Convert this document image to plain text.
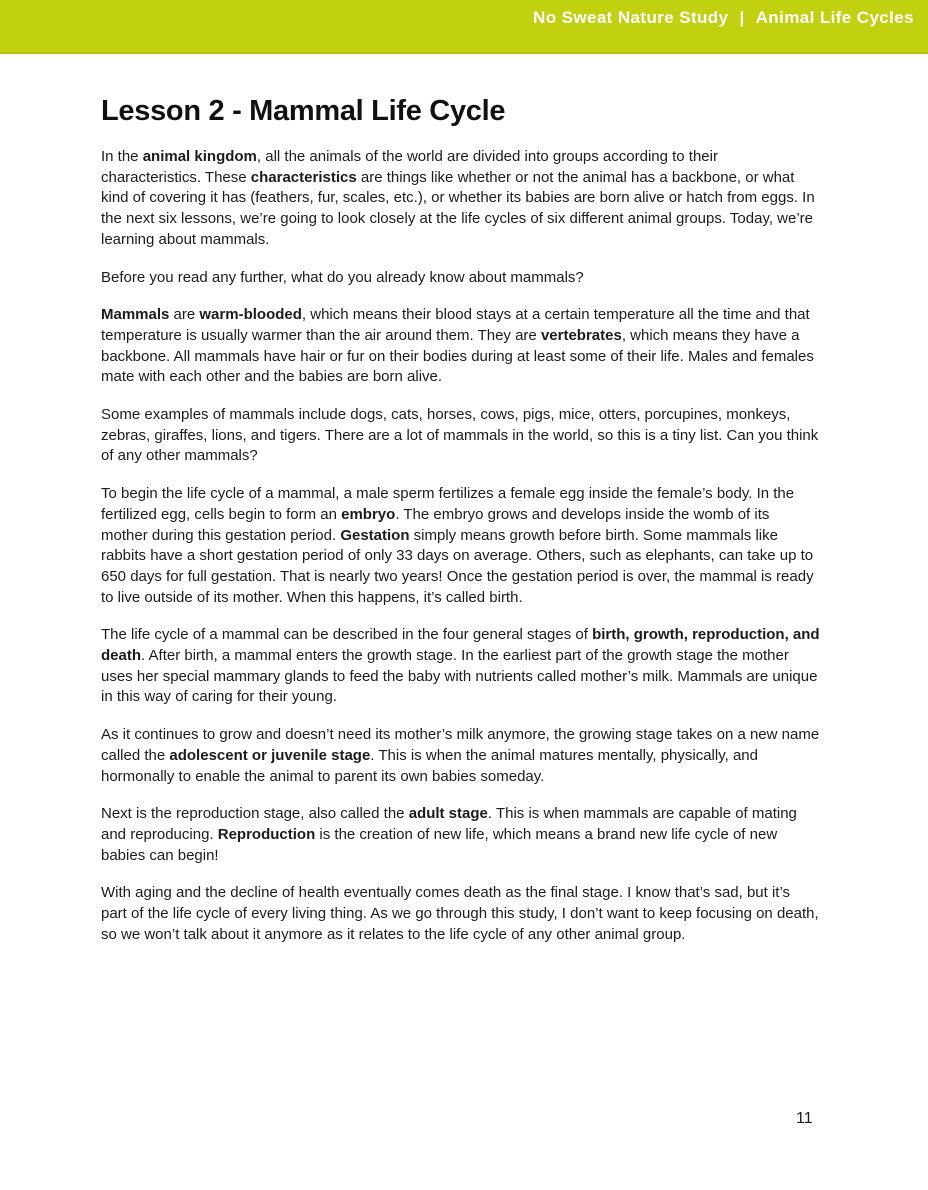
No Sweat Nature Study | Animal Life Cycles
Lesson 2 - Mammal Life Cycle

In the animal kingdom, all the animals of the world are divided into groups according to their characteristics. These characteristics are things like whether or not the animal has a backbone, or what kind of covering it has (feathers, fur, scales, etc.), or whether its babies are born alive or hatch from eggs. In the next six lessons, we’re going to look closely at the life cycles of six different animal groups. Today, we’re learning about mammals.

Before you read any further, what do you already know about mammals?

Mammals are warm-blooded, which means their blood stays at a certain temperature all the time and that temperature is usually warmer than the air around them. They are vertebrates, which means they have a backbone. All mammals have hair or fur on their bodies during at least some of their life. Males and females mate with each other and the babies are born alive.

Some examples of mammals include dogs, cats, horses, cows, pigs, mice, otters, porcupines, monkeys, zebras, giraffes, lions, and tigers. There are a lot of mammals in the world, so this is a tiny list. Can you think of any other mammals?

To begin the life cycle of a mammal, a male sperm fertilizes a female egg inside the female’s body. In the fertilized egg, cells begin to form an embryo. The embryo grows and develops inside the womb of its mother during this gestation period. Gestation simply means growth before birth. Some mammals like rabbits have a short gestation period of only 33 days on average. Others, such as elephants, can take up to 650 days for full gestation. That is nearly two years! Once the gestation period is over, the mammal is ready to live outside of its mother. When this happens, it’s called birth.

The life cycle of a mammal can be described in the four general stages of birth, growth, reproduction, and death. After birth, a mammal enters the growth stage. In the earliest part of the growth stage the mother uses her special mammary glands to feed the baby with nutrients called mother’s milk. Mammals are unique in this way of caring for their young.

As it continues to grow and doesn’t need its mother’s milk anymore, the growing stage takes on a new name called the adolescent or juvenile stage. This is when the animal matures mentally, physically, and hormonally to enable the animal to parent its own babies someday.

Next is the reproduction stage, also called the adult stage. This is when mammals are capable of mating and reproducing. Reproduction is the creation of new life, which means a brand new life cycle of new babies can begin!

With aging and the decline of health eventually comes death as the final stage. I know that’s sad, but it’s part of the life cycle of every living thing. As we go through this study, I don’t want to keep focusing on death, so we won’t talk about it anymore as it relates to the life cycle of any other animal group.

11
